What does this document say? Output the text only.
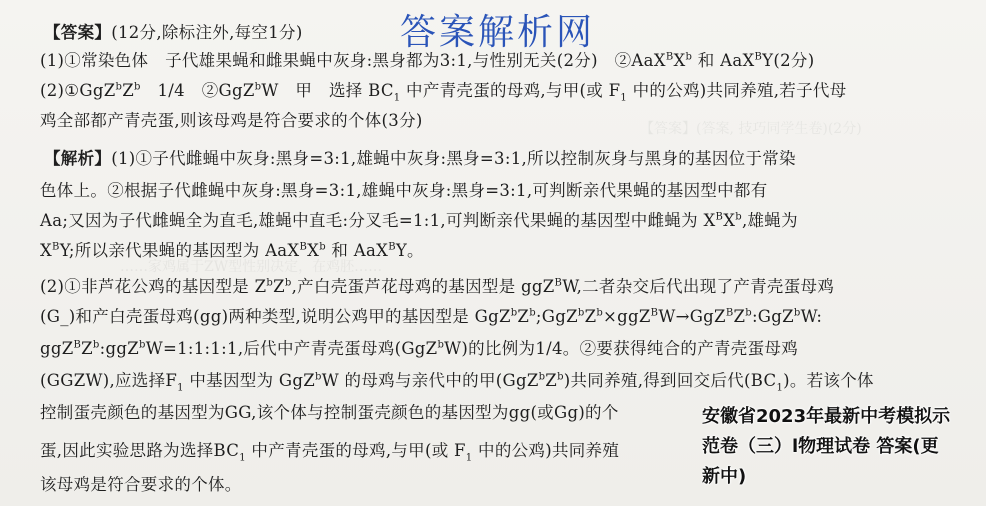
【答案】(答案, 技巧同学生卷)(2分)
……家鸡属于ZW型性别决定，在鸡胚……
答案解析网
【答案】(12分,除标注外,每空1分)
(1)①常染色体　子代雄果蝇和雌果蝇中灰身:黑身都为3:1,与性别无关(2分)　$②AaX^BX^b$ 和 AaX$^B$Y(2分)
$(2)①GgZ^bZ^b$　1/4　②GgZ$^b$W　甲　选择 $BC_1$ 中产青壳蛋的母鸡,与甲(或 $F_1$ 中的公鸡)共同养殖,若子代母
鸡全部都产青壳蛋,则该母鸡是符合要求的个体(3分)
【解析】(1)①子代雌蝇中灰身:黑身=3:1,雄蝇中灰身:黑身=3:1,所以控制灰身与黑身的基因位于常染
色体上。②根据子代雌蝇中灰身:黑身=3:1,雄蝇中灰身:黑身=3:1,可判断亲代果蝇的基因型中都有
Aa;又因为子代雌蝇全为直毛,雄蝇中直毛:分叉毛=1:1,可判断亲代果蝇的基因型中雌蝇为 $X^BX^b$,雄蝇为
$X^BY$;所以亲代果蝇的基因型为 $AaX^BX^b$ 和 AaX$^B$Y。
(2)①非芦花公鸡的基因型是 $Z^bZ^b$,产白壳蛋芦花母鸡的基因型是 ggZ$^B$W,二者杂交后代出现了产青壳蛋母鸡
(G_)和产白壳蛋母鸡(gg)两种类型,说明公鸡甲的基因型是 $GgZ^bZ^b;GgZ^bZ^b\times ggZ^BW\to GgZ^BZ^b:GgZ^bW$:
$ggZ^BZ^b:ggZ^bW=1:1:1:1$,后代中产青壳蛋母鸡(GgZ$^b$W)的比例为1/4。②要获得纯合的产青壳蛋母鸡
(GGZW),应选择$F_1$ 中基因型为 GgZ$^b$W 的母鸡与亲代中的甲$(GgZ^bZ^b)$共同养殖,得到回交后代$(BC_1)$。若该个体
控制蛋壳颜色的基因型为GG,该个体与控制蛋壳颜色的基因型为gg(或Gg)的个
蛋,因此实验思路为选择$BC_1$ 中产青壳蛋的母鸡,与甲(或 $F_1$ 中的公鸡)共同养殖
该母鸡是符合要求的个体。
安徽省2023年最新中考模拟示
范卷（三）l物理试卷 答案(更
新中)
